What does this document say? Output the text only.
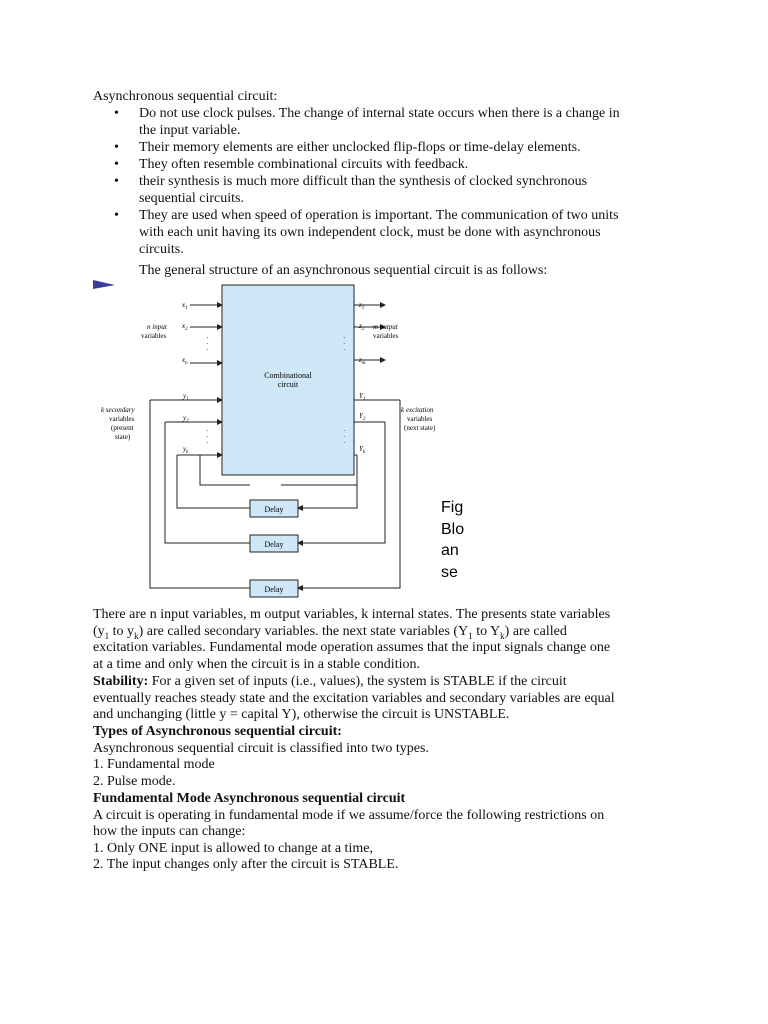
Asynchronous sequential circuit:
• Do not use clock pulses. The change of internal state occurs when there is a change in
the input variable.
• Their memory elements are either unclocked flip-flops or time-delay elements.
• They often resemble combinational circuits with feedback.
• their synthesis is much more difficult than the synthesis of clocked synchronous
sequential circuits.
• They are used when speed of operation is important. The communication of two units
with each unit having its own independent clock, must be done with asynchronous
circuits.
The general structure of an asynchronous sequential circuit is as follows:
Combinational
circuit
$x_1$
$x_2$
$x_n$
·
·
·
n input
variables
$z_1$
$z_2$
$z_m$
·
·
·
m output
variables
$y_1$
$y_2$
$y_k$
·
·
·
k secondary
variables
(present
state)
$Y_1$
$Y_2$
$Y_k$
·
·
·
k excitation
variables
(next state)
Delay
Delay
Delay
Fig
Blo
an
se

There are n input variables, m output variables, k internal states. The presents state variables

($y_1$ to $y_k$) are called secondary variables. the next state variables ($Y_1$ to $Y_k$) are called

excitation variables. Fundamental mode operation assumes that the input signals change one

at a time and only when the circuit is in a stable condition.

Stability: For a given set of inputs (i.e., values), the system is STABLE if the circuit

eventually reaches steady state and the excitation variables and secondary variables are equal

and unchanging (little y = capital Y), otherwise the circuit is UNSTABLE.

Types of Asynchronous sequential circuit:

Asynchronous sequential circuit is classified into two types.

1. Fundamental mode

2. Pulse mode.

Fundamental Mode Asynchronous sequential circuit

A circuit is operating in fundamental mode if we assume/force the following restrictions on

how the inputs can change:

1. Only ONE input is allowed to change at a time,

2. The input changes only after the circuit is STABLE.
